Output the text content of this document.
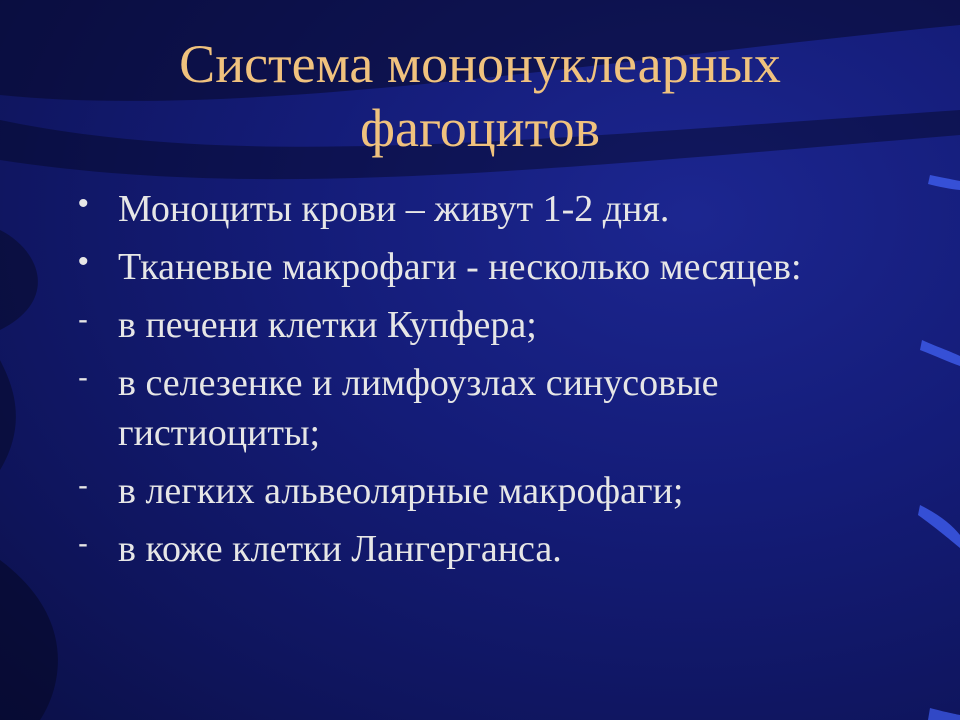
Система мононуклеарных фагоцитов
• Моноциты крови – живут 1-2 дня.
• Тканевые макрофаги - несколько месяцев:
- в печени клетки Купфера;
- в селезенке и лимфоузлах синусовые гистиоциты;
- в легких альвеолярные макрофаги;
- в коже клетки Лангерганса.
